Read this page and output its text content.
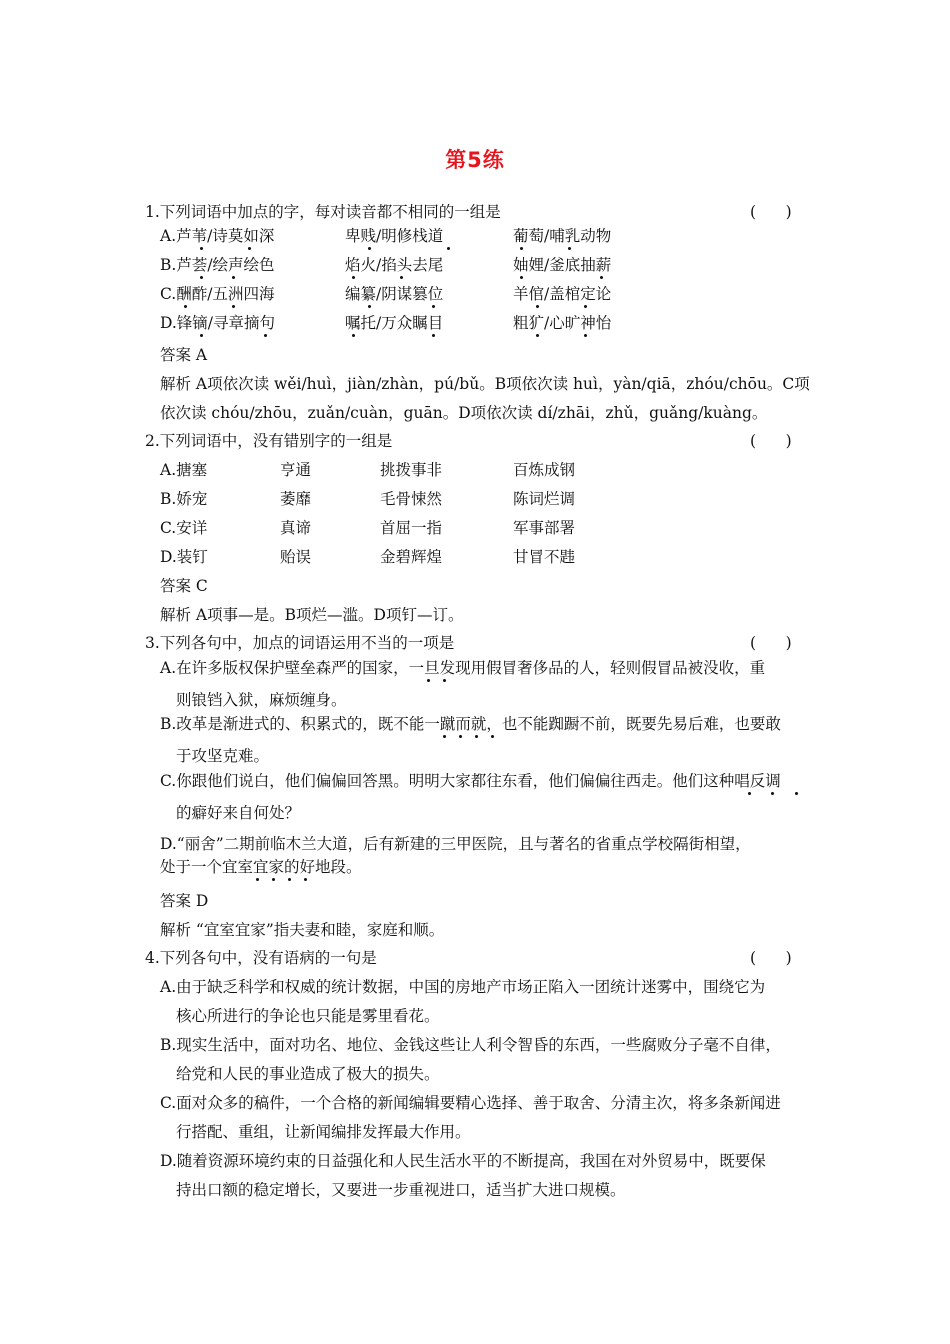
第5练
1.下列词语中加点的字，每对读音都不相同的一组是	(      )
A.芦苇/诗莫如深	卑贱/明修栈道	葡萄/哺乳动物
B.芦荟/绘声绘色	焰火/掐头去尾	妯娌/釜底抽薪
C.酬酢/五洲四海	编纂/阴谋篡位	羊倌/盖棺定论
D.锋镝/寻章摘句	嘱托/万众瞩目	粗犷/心旷神怡
答案 A
解析 A项依次读 wěi/huì，jiàn/zhàn，pú/bǔ。B项依次读 huì，yàn/qiā，zhóu/chōu。C项
依次读 chóu/zhōu，zuǎn/cuàn，guān。D项依次读 dí/zhāi，zhǔ，guǎng/kuàng。
2.下列词语中，没有错别字的一组是	(      )
A.搪塞	亨通	挑拨事非	百炼成钢
B.娇宠	萎靡	毛骨悚然	陈词烂调
C.安详	真谛	首屈一指	军事部署
D.装钉	贻误	金碧辉煌	甘冒不韪
答案 C
解析 A项事—是。B项烂—滥。D项钉—订。
3.下列各句中，加点的词语运用不当的一项是	(      )
A.在许多版权保护壁垒森严的国家，一旦发现用假冒奢侈品的人，轻则假冒品被没收，重
则锒铛入狱，麻烦缠身。
B.改革是渐进式的、积累式的，既不能一蹴而就，也不能踟蹰不前，既要先易后难，也要敢
于攻坚克难。
C.你跟他们说白，他们偏偏回答黑。明明大家都往东看，他们偏偏往西走。他们这种唱反调
的癖好来自何处？
D.“丽舍”二期前临木兰大道，后有新建的三甲医院，且与著名的省重点学校隔街相望，
处于一个宜室宜家的好地段。
答案 D
解析 “宜室宜家”指夫妻和睦，家庭和顺。
4.下列各句中，没有语病的一句是	(      )
A.由于缺乏科学和权威的统计数据，中国的房地产市场正陷入一团统计迷雾中，围绕它为
核心所进行的争论也只能是雾里看花。
B.现实生活中，面对功名、地位、金钱这些让人利令智昏的东西，一些腐败分子毫不自律，
给党和人民的事业造成了极大的损失。
C.面对众多的稿件，一个合格的新闻编辑要精心选择、善于取舍、分清主次，将多条新闻进
行搭配、重组，让新闻编排发挥最大作用。
D.随着资源环境约束的日益强化和人民生活水平的不断提高，我国在对外贸易中，既要保
持出口额的稳定增长，又要进一步重视进口，适当扩大进口规模。
